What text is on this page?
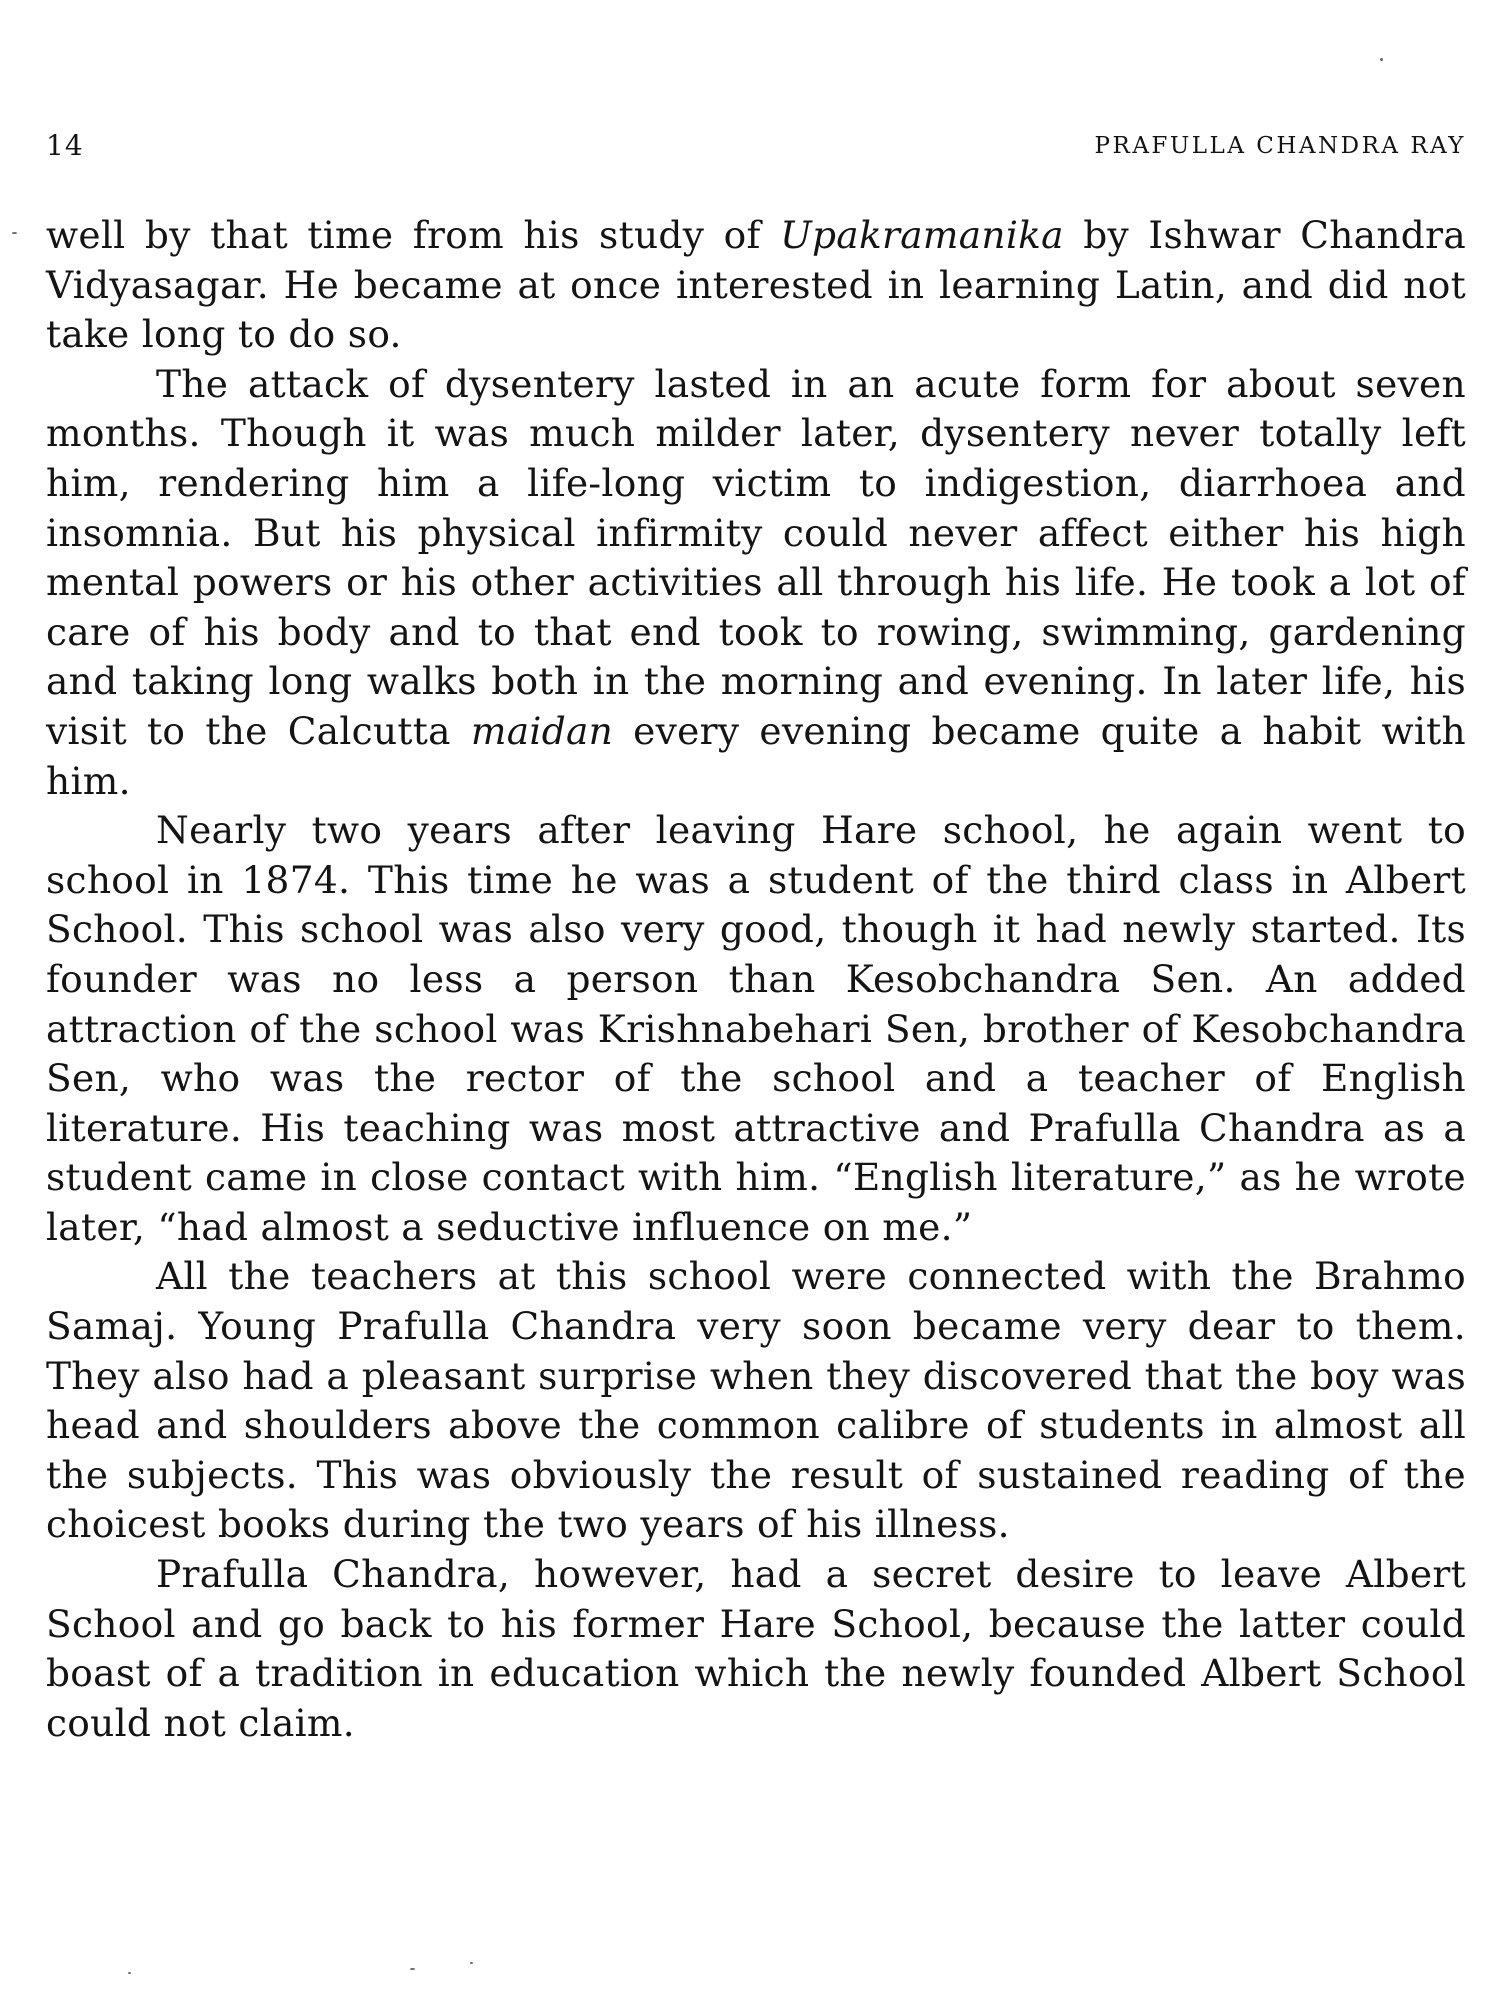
14	PRAFULLA CHANDRA RAY

well by that time from his study of Upakramanika by Ishwar Chandra Vidyasagar. He became at once interested in learning Latin, and did not take long to do so.

The attack of dysentery lasted in an acute form for about seven months. Though it was much milder later, dysentery never totally left him, rendering him a life-long victim to indigestion, diarrhoea and insomnia. But his physical infirmity could never affect either his high mental powers or his other activities all through his life. He took a lot of care of his body and to that end took to rowing, swimming, gardening and taking long walks both in the morning and evening. In later life, his visit to the Calcutta maidan every evening became quite a habit with him.

Nearly two years after leaving Hare school, he again went to school in 1874. This time he was a student of the third class in Albert School. This school was also very good, though it had newly started. Its founder was no less a person than Kesobchandra Sen. An added attraction of the school was Krishnabehari Sen, brother of Kesobchandra Sen, who was the rector of the school and a teacher of English literature. His teaching was most attractive and Prafulla Chandra as a student came in close contact with him. “English literature,” as he wrote later, “had almost a seductive influence on me.”

All the teachers at this school were connected with the Brahmo Samaj. Young Prafulla Chandra very soon became very dear to them. They also had a pleasant surprise when they discovered that the boy was head and shoulders above the common calibre of students in almost all the subjects. This was obviously the result of sustained reading of the choicest books during the two years of his illness.

Prafulla Chandra, however, had a secret desire to leave Albert School and go back to his former Hare School, because the latter could boast of a tradition in education which the newly founded Albert School could not claim.
